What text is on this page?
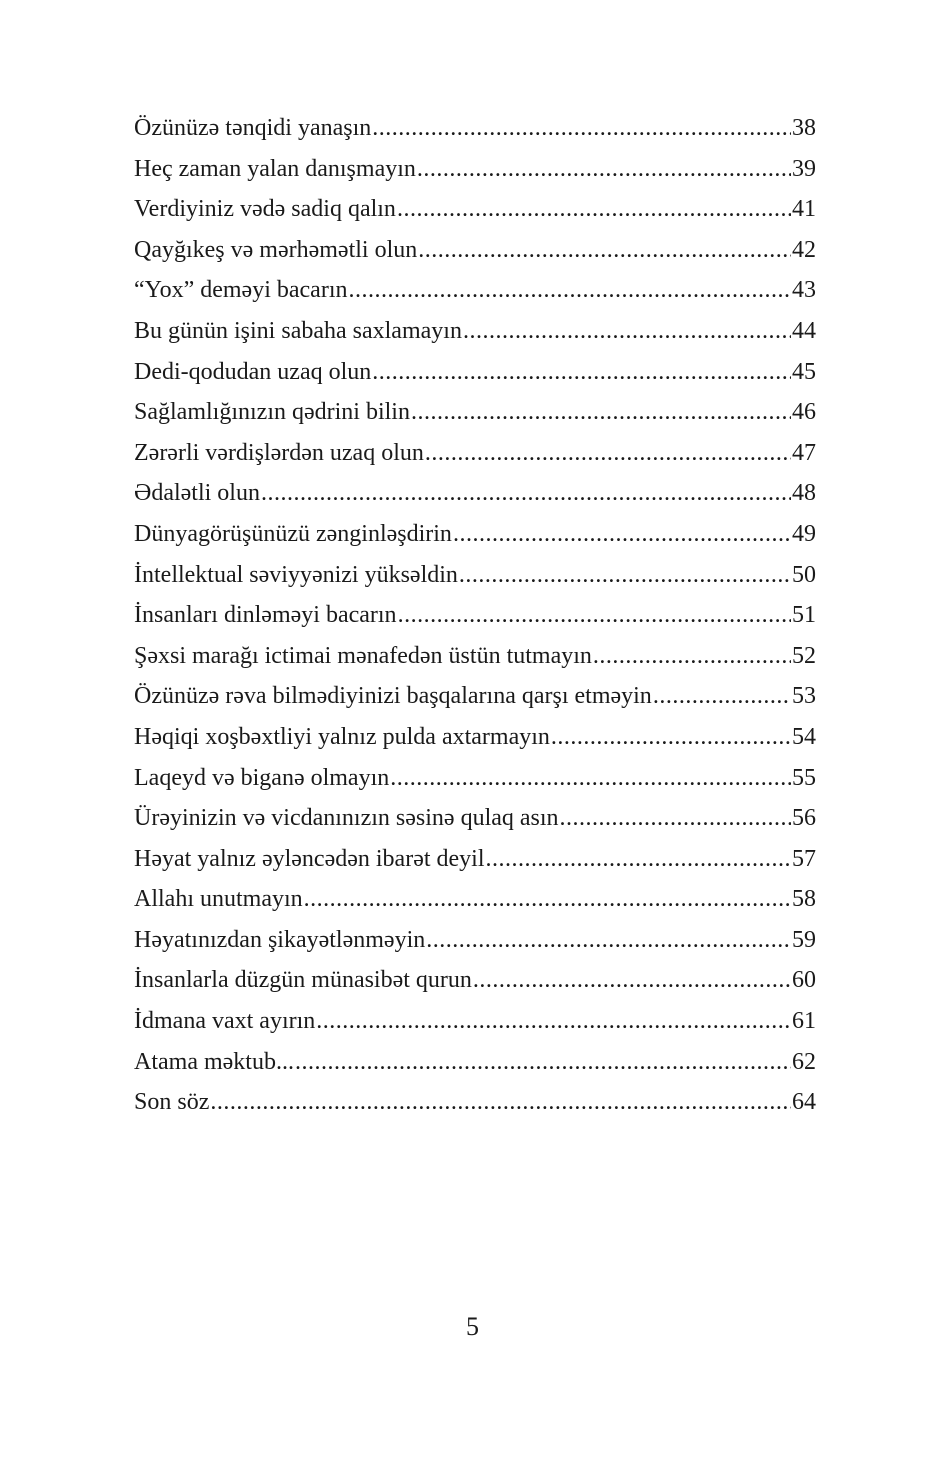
Özünüzə tənqidi yanaşın .....	38
Heç zaman yalan danışmayın .....	39
Verdiyiniz vədə sadiq qalın .....	41
Qayğıkeş və mərhəmətli olun .....	42
“Yox” deməyi bacarın .....	43
Bu günün işini sabaha saxlamayın .....	44
Dedi-qodudan uzaq olun .....	45
Sağlamlığınızın qədrini bilin .....	46
Zərərli vərdişlərdən uzaq olun .....	47
Ədalətli olun .....	48
Dünyagörüşünüzü zənginləşdirin .....	49
İntellektual səviyyənizi yüksəldin .....	50
İnsanları dinləməyi bacarın .....	51
Şəxsi marağı ictimai mənafedən üstün tutmayın .....	52
Özünüzə rəva bilmədiyinizi başqalarına qarşı etməyin .....	53
Həqiqi xoşbəxtliyi yalnız pulda axtarmayın .....	54
Laqeyd və biganə olmayın .....	55
Ürəyinizin və vicdanınızın səsinə qulaq asın .....	56
Həyat yalnız əyləncədən ibarət deyil .....	57
Allahı unutmayın .....	58
Həyatınızdan şikayətlənməyin .....	59
İnsanlarla düzgün münasibət qurun .....	60
İdmana vaxt ayırın .....	61
Atama məktub... .....	62
Son söz .....	64
5
